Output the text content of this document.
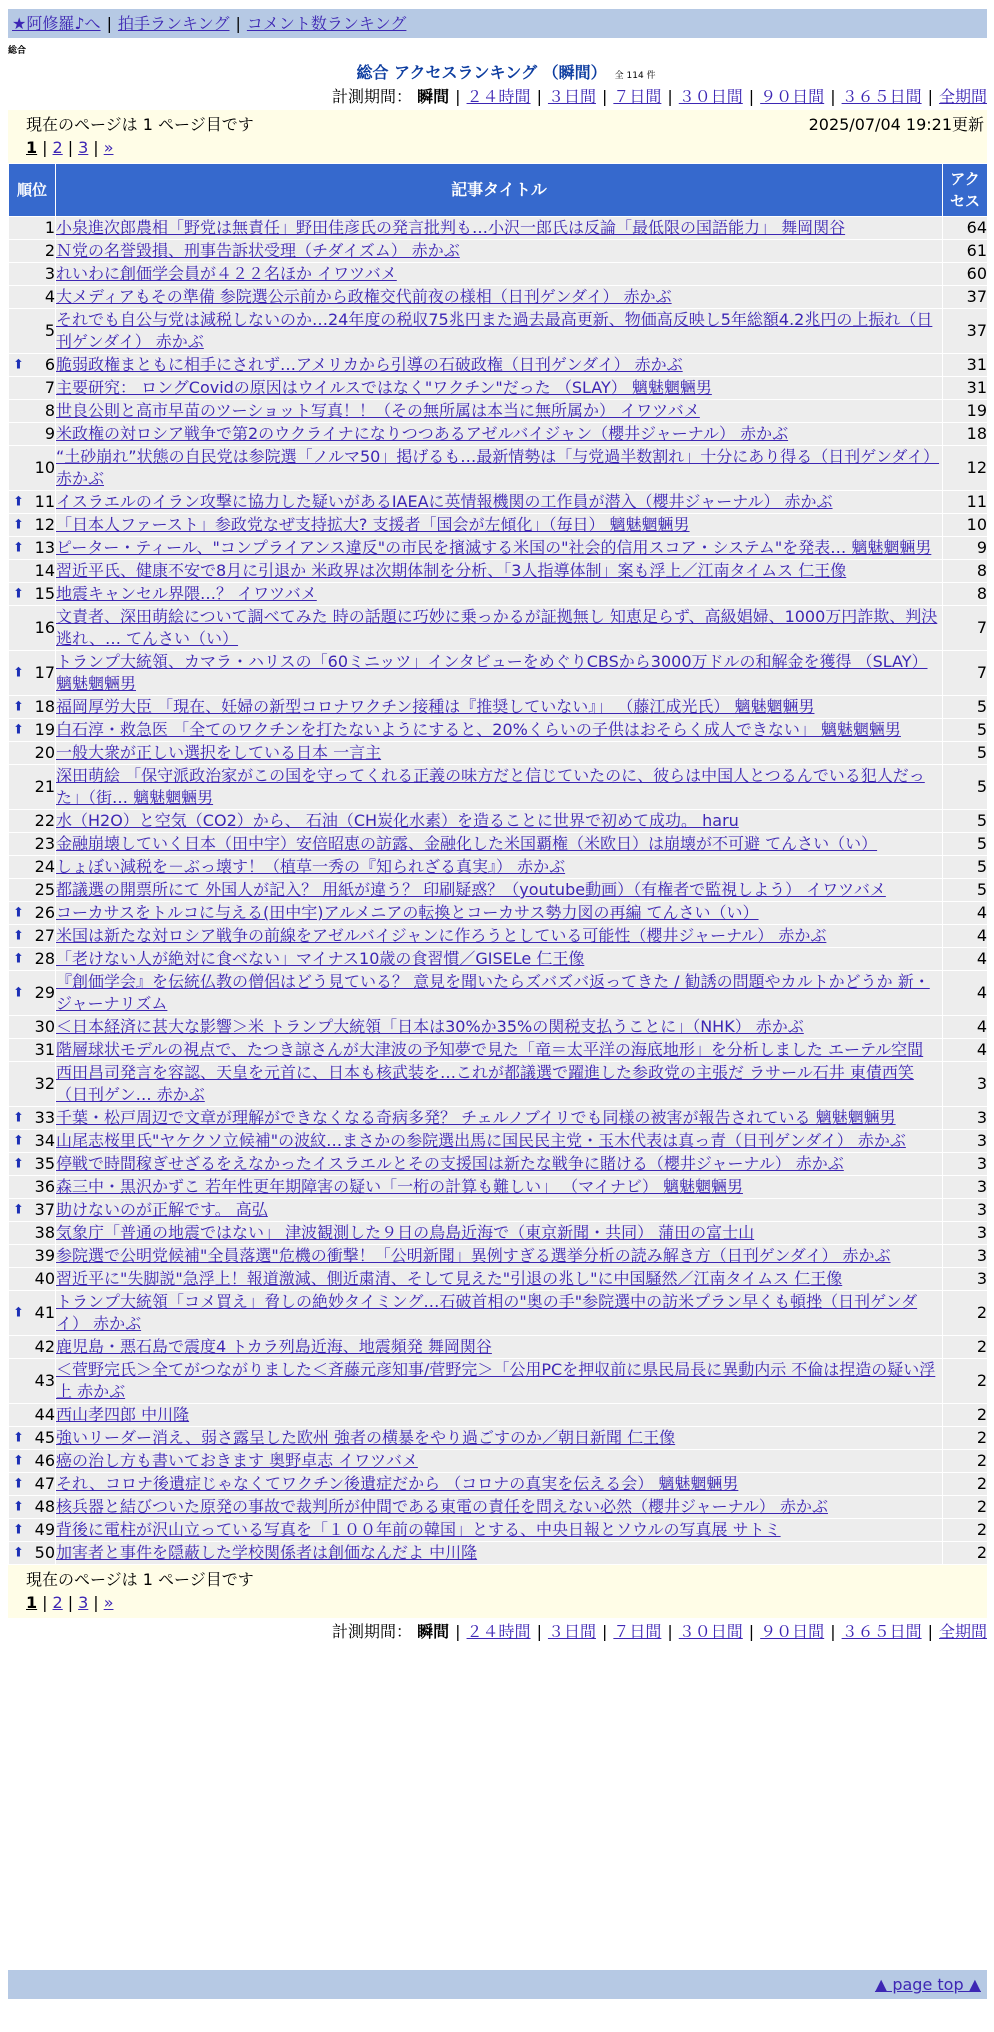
★阿修羅♪へ | 拍手ランキング | コメント数ランキング
総合
総合 アクセスランキング （瞬間） 全 114 件
計測期間： 瞬間 | ２４時間 | ３日間 | ７日間 | ３０日間 | ９０日間 | ３６５日間 | 全期間
現在のページは 1 ページ目です	2025/07/04 19:21更新
1 | 2 | 3 | »
順位	記事タイトル	アクセス
1	小泉進次郎農相「野党は無責任」野田佳彦氏の発言批判も…小沢一郎氏は反論「最低限の国語能力」 舞岡関谷	64
2	Ｎ党の名誉毀損、刑事告訴状受理（チダイズム） 赤かぶ	61
3	れいわに創価学会員が４２２名ほか イワツバメ	60
4	大メディアもその準備 参院選公示前から政権交代前夜の様相（日刊ゲンダイ） 赤かぶ	37
5	それでも自公与党は減税しないのか…24年度の税収75兆円また過去最高更新、物価高反映し5年総額4.2兆円の上振れ（日刊ゲンダイ） 赤かぶ	37

⬆ 6	脆弱政権まともに相手にされず…アメリカから引導の石破政権（日刊ゲンダイ） 赤かぶ	31
7	主要研究： ロングCovidの原因はウイルスではなく"ワクチン"だった （SLAY） 魑魅魍魎男	31
8	世良公則と高市早苗のツーショット写真！！（その無所属は本当に無所属か） イワツバメ	19
9	米政権の対ロシア戦争で第2のウクライナになりつつあるアゼルバイジャン（櫻井ジャーナル） 赤かぶ	18
10	“土砂崩れ”状態の自民党は参院選「ノルマ50」掲げるも…最新情勢は「与党過半数割れ」十分にあり得る（日刊ゲンダイ） 赤かぶ	12

⬆ 11	イスラエルのイラン攻撃に協力した疑いがあるIAEAに英情報機関の工作員が潜入（櫻井ジャーナル） 赤かぶ	11

⬆ 12	「日本人ファースト」参政党なぜ支持拡大? 支援者「国会が左傾化」（毎日） 魑魅魍魎男	10

⬆ 13	ピーター・ティール、"コンプライアンス違反"の市民を擯滅する米国の"社会的信用スコア・システム"を発表… 魑魅魍魎男	9
14	習近平氏、健康不安で8月に引退か 米政界は次期体制を分析、「3人指導体制」案も浮上／江南タイムス 仁王像	8

⬆ 15	地震キャンセル界隈…？ イワツバメ	8
16	文責者、深田萌絵について調べてみた 時の話題に巧妙に乗っかるが証拠無し 知恵足らず、高級娼婦、1000万円詐欺、判決逃れ、… てんさい（い）	7

⬆ 17	トランプ大統領、カマラ・ハリスの「60ミニッツ」インタビューをめぐりCBSから3000万ドルの和解金を獲得 （SLAY） 魑魅魍魎男	7

⬆ 18	福岡厚労大臣 「現在、妊婦の新型コロナワクチン接種は『推奨していない』」 （藤江成光氏） 魑魅魍魎男	5

⬆ 19	白石淳・救急医 「全てのワクチンを打たないようにすると、20%くらいの子供はおそらく成人できない」 魑魅魍魎男	5
20	一般大衆が正しい選択をしている日本 一言主	5
21	深田萌絵 「保守派政治家がこの国を守ってくれる正義の味方だと信じていたのに、彼らは中国人とつるんでいる犯人だった」（街… 魑魅魍魎男	5
22	水（H2O）と空気（CO2）から、 石油（CH炭化水素）を造ることに世界で初めて成功。 haru	5
23	金融崩壊していく日本（田中宇）安倍昭恵の訪露、金融化した米国覇権（米欧日）は崩壊が不可避 てんさい（い）	5
24	しょぼい減税を－ぶっ壊す！（植草一秀の『知られざる真実』） 赤かぶ	5
25	都議選の開票所にて 外国人が記入？ 用紙が違う？ 印刷疑惑？（youtube動画）（有権者で監視しよう） イワツバメ	5

⬆ 26	コーカサスをトルコに与える(田中宇)アルメニアの転換とコーカサス勢力図の再編 てんさい（い）	4

⬆ 27	米国は新たな対ロシア戦争の前線をアゼルバイジャンに作ろうとしている可能性（櫻井ジャーナル） 赤かぶ	4

⬆ 28	「老けない人が絶対に食べない」マイナス10歳の食習慣／GISELe 仁王像	4

⬆ 29	『創価学会』を伝統仏教の僧侶はどう見ている？ 意見を聞いたらズバズバ返ってきた / 勧誘の問題やカルトかどうか 新・ジャーナリズム	4
30	＜日本経済に甚大な影響＞米 トランプ大統領「日本は30%か35%の関税支払うことに」（NHK） 赤かぶ	4
31	階層球状モデルの視点で、たつき諒さんが大津波の予知夢で見た「竜＝太平洋の海底地形」を分析しました エーテル空間	4
32	西田昌司発言を容認、天皇を元首に、日本も核武装を…これが都議選で躍進した参政党の主張だ ラサール石井 東債西笑（日刊ゲン… 赤かぶ	3

⬆ 33	千葉・松戸周辺で文章が理解ができなくなる奇病多発？ チェルノブイリでも同様の被害が報告されている 魑魅魍魎男	3

⬆ 34	山尾志桜里氏"ヤケクソ立候補"の波紋…まさかの参院選出馬に国民民主党・玉木代表は真っ青（日刊ゲンダイ） 赤かぶ	3

⬆ 35	停戦で時間稼ぎせざるをえなかったイスラエルとその支援国は新たな戦争に賭ける（櫻井ジャーナル） 赤かぶ	3
36	森三中・黒沢かずこ 若年性更年期障害の疑い「一桁の計算も難しい」 （マイナビ） 魑魅魍魎男	3

⬆ 37	助けないのが正解です。 高弘	3
38	気象庁「普通の地震ではない」 津波観測した９日の鳥島近海で（東京新聞・共同） 蒲田の富士山	3
39	参院選で公明党候補"全員落選"危機の衝撃！「公明新聞」異例すぎる選挙分析の読み解き方（日刊ゲンダイ） 赤かぶ	3
40	習近平に"失脚説"急浮上！報道激減、側近粛清、そして見えた"引退の兆し"に中国騒然／江南タイムス 仁王像	3

⬆ 41	トランプ大統領「コメ買え」脅しの絶妙タイミング…石破首相の"奥の手"参院選中の訪米プラン早くも頓挫（日刊ゲンダイ） 赤かぶ	2
42	鹿児島・悪石島で震度4 トカラ列島近海、地震頻発 舞岡関谷	2
43	＜菅野完氏＞全てがつながりました＜斉藤元彦知事/菅野完＞「公用PCを押収前に県民局長に異動内示 不倫は捏造の疑い浮上 赤かぶ	2
44	西山孝四郎 中川隆	2

⬆ 45	強いリーダー消え、弱さ露呈した欧州 強者の横暴をやり過ごすのか／朝日新聞 仁王像	2

⬆ 46	癌の治し方も書いておきます 奥野卓志 イワツバメ	2

⬆ 47	それ、コロナ後遺症じゃなくてワクチン後遺症だから （コロナの真実を伝える会） 魑魅魍魎男	2

⬆ 48	核兵器と結びついた原発の事故で裁判所が仲間である東電の責任を問えない必然（櫻井ジャーナル） 赤かぶ	2

⬆ 49	背後に電柱が沢山立っている写真を「１００年前の韓国」とする、中央日報とソウルの写真展 サトミ	2

⬆ 50	加害者と事件を隠蔽した学校関係者は創価なんだよ 中川隆	2
現在のページは 1 ページ目です
1 | 2 | 3 | »
計測期間： 瞬間 | ２４時間 | ３日間 | ７日間 | ３０日間 | ９０日間 | ３６５日間 | 全期間
▲ page top ▲
